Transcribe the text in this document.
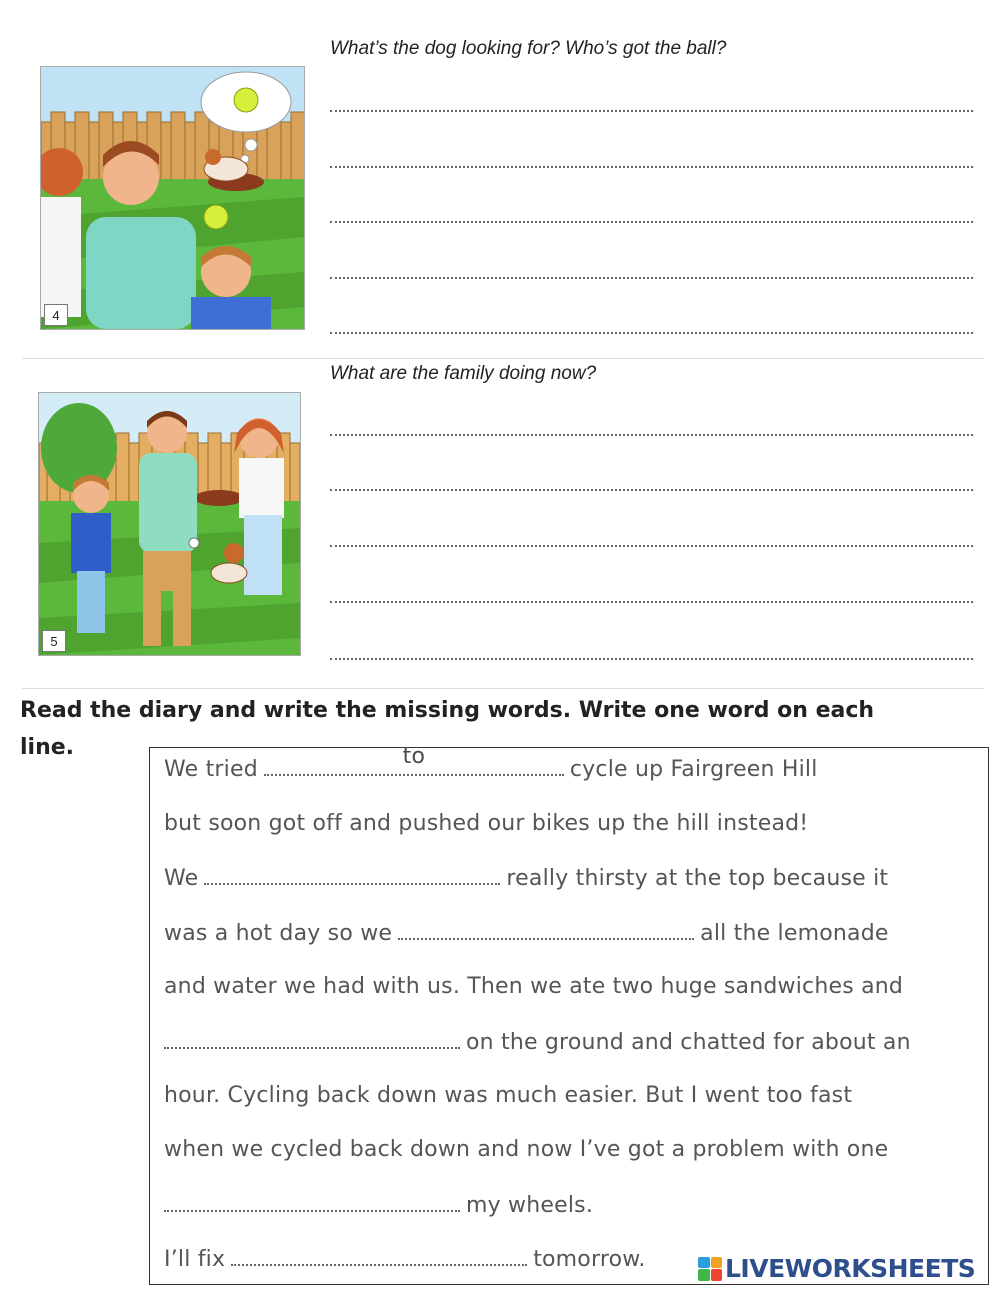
4
What’s the dog looking for? Who’s got the ball?
5
What are the family doing now?
Read the diary and write the missing words. Write one word on each line.
We tried
to
cycle up Fairgreen Hill
but soon got off and pushed our bikes up the hill instead!
We	really thirsty at the top because it
was a hot day so we	all the lemonade
and water we had with us. Then we ate two huge sandwiches and
on the ground and chatted for about an
hour. Cycling back down was much easier. But I went too fast
when we cycled back down and now I’ve got a problem with one
my wheels.
I’ll fix	tomorrow.	LIVEWORKSHEETS
